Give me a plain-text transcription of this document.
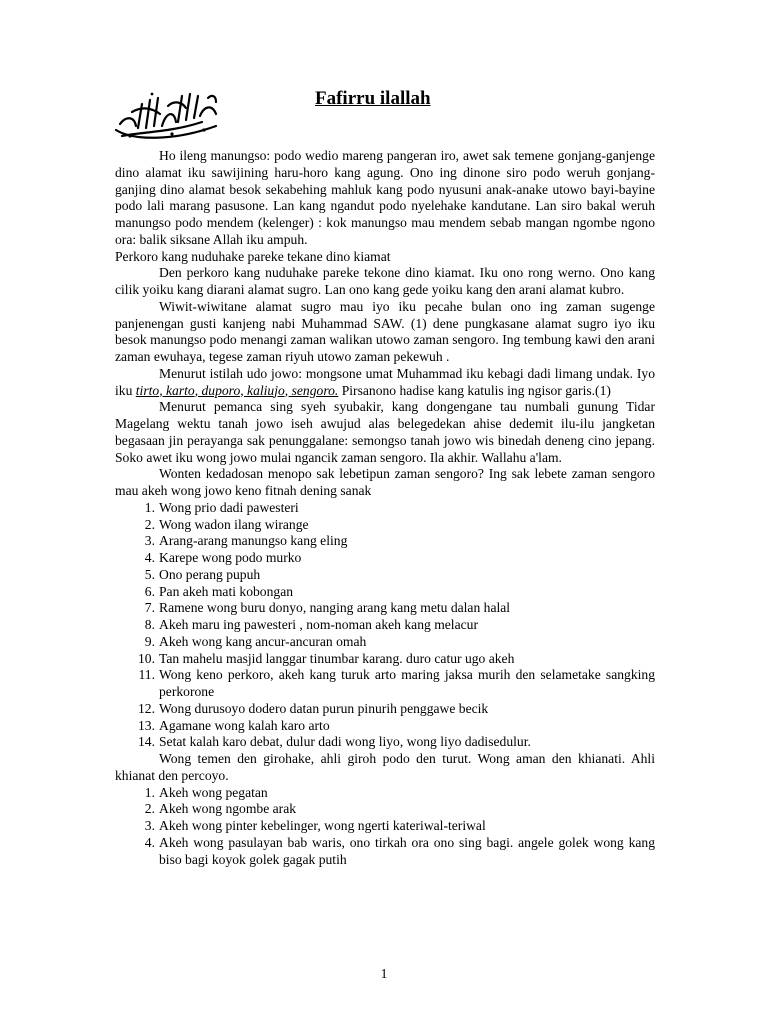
Fafirru ilallah

Ho ileng manungso: podo wedio mareng pangeran iro, awet sak temene gonjang-ganjenge dino alamat iku sawijining haru-horo kang agung. Ono ing dinone siro podo weruh gonjang-ganjing dino alamat besok sekabehing mahluk kang podo nyusuni anak-anake utowo bayi-bayine podo lali marang pasusone. Lan kang ngandut podo nyelehake kandutane. Lan siro bakal weruh manungso podo mendem (kelenger) : kok manungso mau mendem sebab mangan ngombe ngono ora: balik siksane Allah iku ampuh.

Perkoro kang nuduhake pareke tekane dino kiamat

Den perkoro kang nuduhake pareke tekone dino kiamat. Iku ono rong werno. Ono kang cilik yoiku kang diarani alamat sugro. Lan ono kang gede yoiku kang den arani alamat kubro.

Wiwit-wiwitane alamat sugro mau iyo iku pecahe bulan ono ing zaman sugenge panjenengan gusti kanjeng nabi Muhammad SAW. (1) dene pungkasane alamat sugro iyo iku besok manungso podo menangi zaman walikan utowo zaman sengoro. Ing tembung kawi den arani zaman ewuhaya, tegese zaman riyuh utowo zaman pekewuh .

Menurut istilah udo jowo: mongsone umat Muhammad iku kebagi dadi limang undak. Iyo iku tirto, karto, duporo, kaliujo, sengoro. Pirsanono hadise kang katulis ing ngisor garis.(1)

Menurut pemanca sing syeh syubakir, kang dongengane tau numbali gunung Tidar Magelang wektu tanah jowo iseh awujud alas belegedekan ahise dedemit ilu-ilu jangketan begasaan jin perayanga sak penunggalane: semongso tanah jowo wis binedah deneng cino jepang. Soko awet iku wong jowo mulai ngancik zaman sengoro. Ila akhir. Wallahu a'lam.

Wonten kedadosan menopo sak lebetipun zaman sengoro? Ing sak lebete zaman sengoro mau akeh wong jowo keno fitnah dening sanak

1. Wong prio dadi pawesteri
2. Wong wadon ilang wirange
3. Arang-arang manungso kang eling
4. Karepe wong podo murko
5. Ono perang pupuh
6. Pan akeh mati kobongan
7. Ramene wong buru donyo, nanging arang kang metu dalan halal
8. Akeh maru ing pawesteri , nom-noman akeh kang melacur
9. Akeh wong kang ancur-ancuran omah
10. Tan mahelu masjid langgar tinumbar karang. duro catur ugo akeh
11. Wong keno perkoro, akeh kang turuk arto maring jaksa murih den selametake sangking perkorone
12. Wong durusoyo dodero datan purun pinurih penggawe becik
13. Agamane wong kalah karo arto
14. Setat kalah karo debat, dulur dadi wong liyo, wong liyo dadisedulur.

Wong temen den girohake, ahli giroh podo den turut. Wong aman den khianati. Ahli khianat den percoyo.

1. Akeh wong pegatan
2. Akeh wong ngombe arak
3. Akeh wong pinter kebelinger, wong ngerti kateriwal-teriwal
4. Akeh wong pasulayan bab waris, ono tirkah ora ono sing bagi. angele golek wong kang biso bagi koyok golek gagak putih
1
